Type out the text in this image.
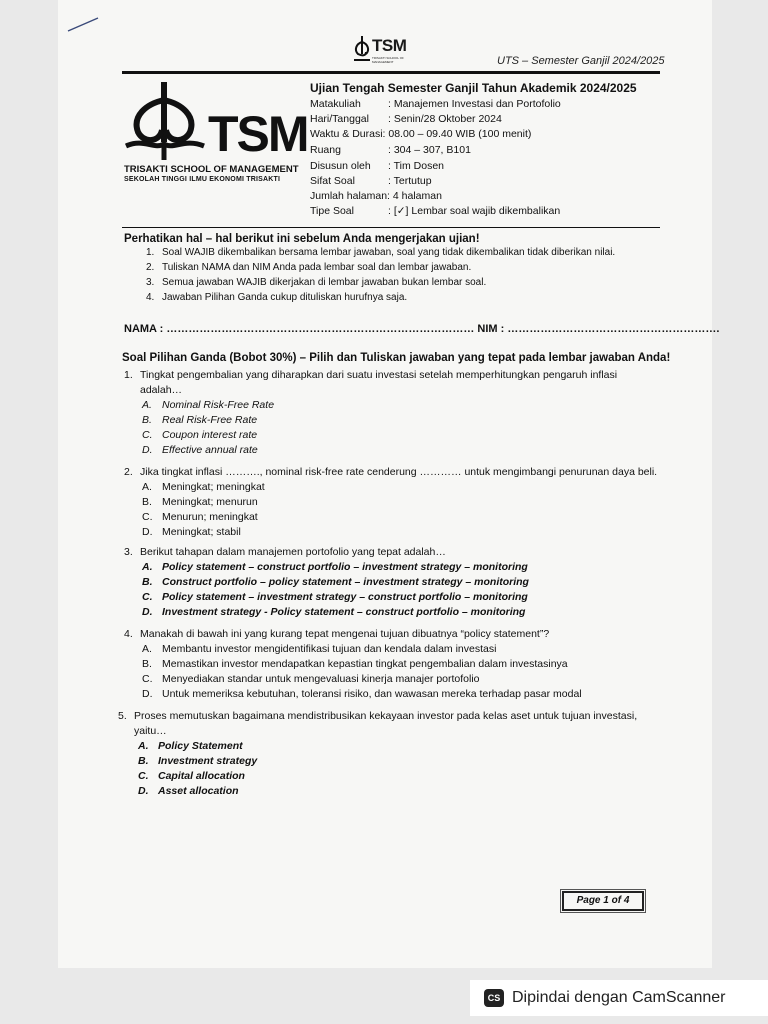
TSM
TRISAKTI SCHOOL OF MANAGEMENT	UTS – Semester Ganjil 2024/2025
TSM
TRISAKTI SCHOOL OF MANAGEMENT
SEKOLAH TINGGI ILMU EKONOMI TRISAKTI
Ujian Tengah Semester Ganjil Tahun Akademik 2024/2025
Matakuliah	: Manajemen Investasi dan Portofolio
Hari/Tanggal : Senin/28 Oktober 2024
Waktu & Durasi: 08.00 – 09.40 WIB (100 menit)
Ruang	: 304 – 307, B101
Disusun oleh : Tim Dosen
Sifat Soal	: Tertutup
Jumlah halaman: 4 halaman
Tipe Soal	: [✓] Lembar soal wajib dikembalikan
Perhatikan hal – hal berikut ini sebelum Anda mengerjakan ujian!
1. Soal WAJIB dikembalikan bersama lembar jawaban, soal yang tidak dikembalikan tidak diberikan nilai.
2. Tuliskan NAMA dan NIM Anda pada lembar soal dan lembar jawaban.
3. Semua jawaban WAJIB dikerjakan di lembar jawaban bukan lembar soal.
4. Jawaban Pilihan Ganda cukup dituliskan hurufnya saja.
NAMA : ………………………………………………………………………… NIM : ………………………………………………….
Soal Pilihan Ganda (Bobot 30%) – Pilih dan Tuliskan jawaban yang tepat pada lembar jawaban Anda!
1. Tingkat pengembalian yang diharapkan dari suatu investasi setelah memperhitungkan pengaruh inflasi
adalah…
A. Nominal Risk-Free Rate
B. Real Risk-Free Rate
C. Coupon interest rate
D. Effective annual rate
2. Jika tingkat inflasi ………., nominal risk-free rate cenderung ………… untuk mengimbangi penurunan daya beli.
A. Meningkat; meningkat
B. Meningkat; menurun
C. Menurun; meningkat
D. Meningkat; stabil
3. Berikut tahapan dalam manajemen portofolio yang tepat adalah…
A. Policy statement – construct portfolio – investment strategy – monitoring
B. Construct portfolio – policy statement – investment strategy – monitoring
C. Policy statement – investment strategy – construct portfolio – monitoring
D. Investment strategy - Policy statement – construct portfolio – monitoring
4. Manakah di bawah ini yang kurang tepat mengenai tujuan dibuatnya “policy statement”?
A. Membantu investor mengidentifikasi tujuan dan kendala dalam investasi
B. Memastikan investor mendapatkan kepastian tingkat pengembalian dalam investasinya
C. Menyediakan standar untuk mengevaluasi kinerja manajer portofolio
D. Untuk memeriksa kebutuhan, toleransi risiko, dan wawasan mereka terhadap pasar modal
5. Proses memutuskan bagaimana mendistribusikan kekayaan investor pada kelas aset untuk tujuan investasi,
yaitu…
A. Policy Statement
B. Investment strategy
C. Capital allocation
D. Asset allocation
Page 1 of 4
CS Dipindai dengan CamScanner
